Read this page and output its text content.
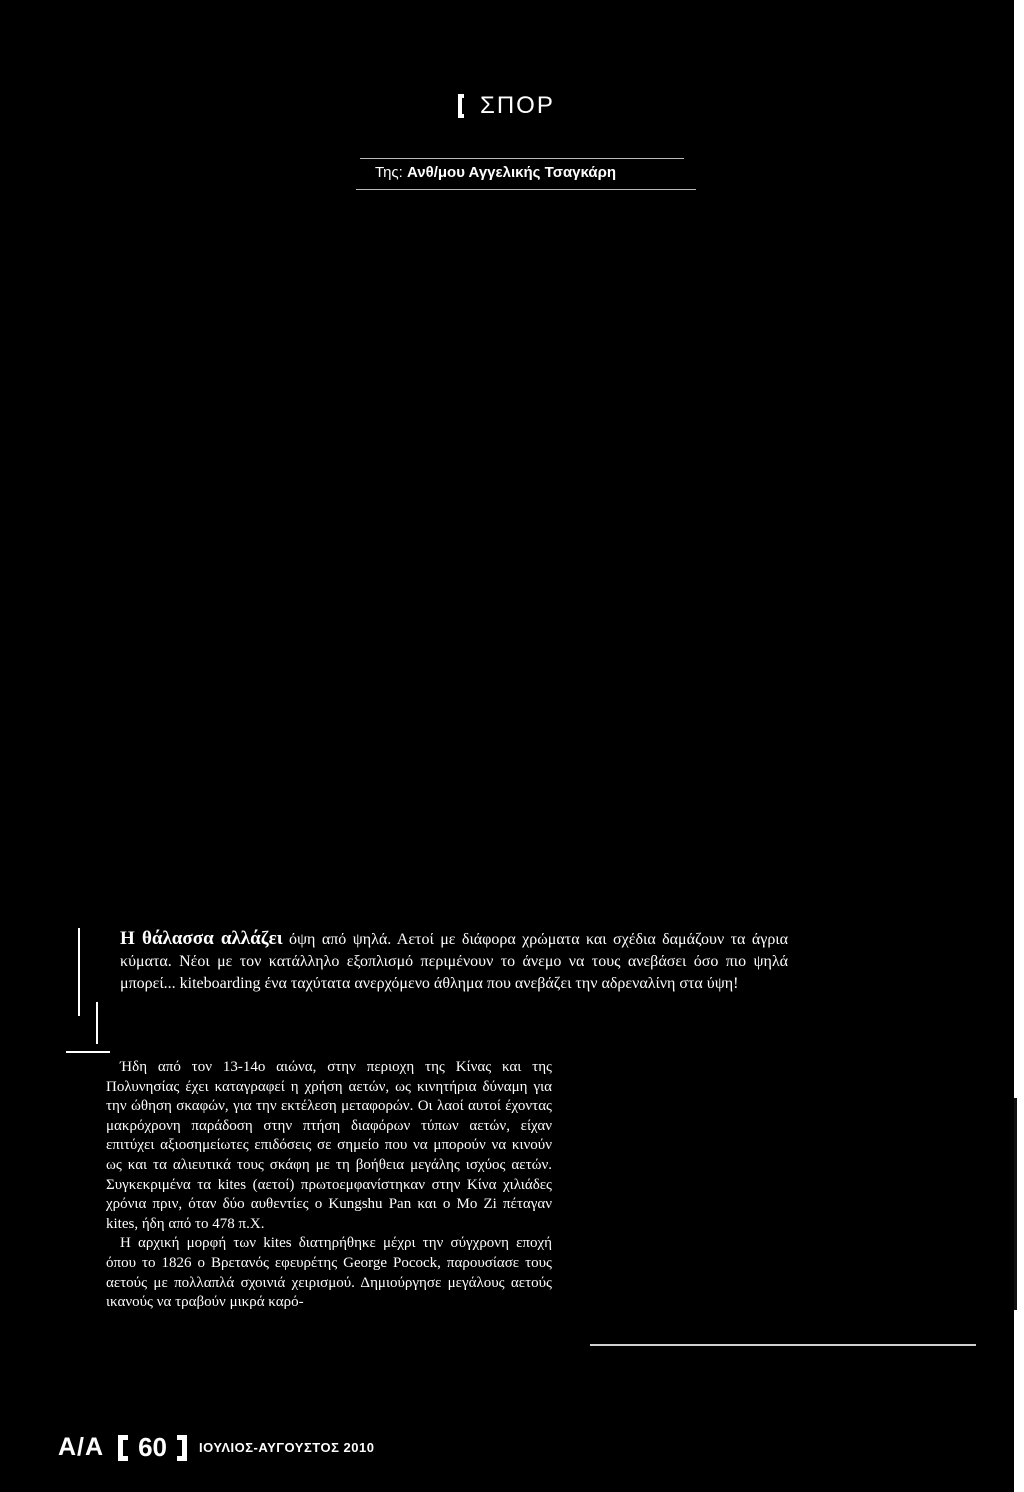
ΣΠΟΡ
Της: Ανθ/μου Αγγελικής Τσαγκάρη
Η θάλασσα αλλάζει όψη από ψηλά. Αετοί με διάφορα χρώματα και σχέδια δαμάζουν τα άγρια κύματα. Νέοι με τον κατάλληλο εξοπλισμό περιμένουν το άνεμο να τους ανεβάσει όσο πιο ψηλά μπορεί... kiteboarding ένα ταχύτατα ανερχόμενο άθλημα που ανεβάζει την αδρεναλίνη στα ύψη!

Ήδη από τον 13-14ο αιώνα, στην περιοχη της Κίνας και της Πολυνησίας έχει καταγραφεί η χρήση αετών, ως κινητήρια δύναμη για την ώθηση σκαφών, για την εκτέλεση μεταφορών. Οι λαοί αυτοί έχοντας μακρόχρονη παράδοση στην πτήση διαφόρων τύπων αετών, είχαν επιτύχει αξιοσημείωτες επιδόσεις σε σημείο που να μπορούν να κινούν ως και τα αλιευτικά τους σκάφη με τη βοήθεια μεγάλης ισχύος αετών. Συγκεκριμένα τα kites (αετοί) πρωτοεμφανίστηκαν στην Κίνα χιλιάδες χρόνια πριν, όταν δύο αυθεντίες ο Kungshu Pan και ο Mo Zi πέταγαν kites, ήδη από το 478 π.Χ.

Η αρχική μορφή των kites διατηρήθηκε μέχρι την σύγχρονη εποχή όπου το 1826 ο Βρετανός εφευρέτης George Pocock, παρουσίασε τους αετούς με πολλαπλά σχοινιά χειρισμού. Δημιούργησε μεγάλους αετούς ικανούς να τραβούν μικρά καρό-

Α/Α 60 ΙΟΥΛΙΟΣ-ΑΥΓΟΥΣΤΟΣ 2010
